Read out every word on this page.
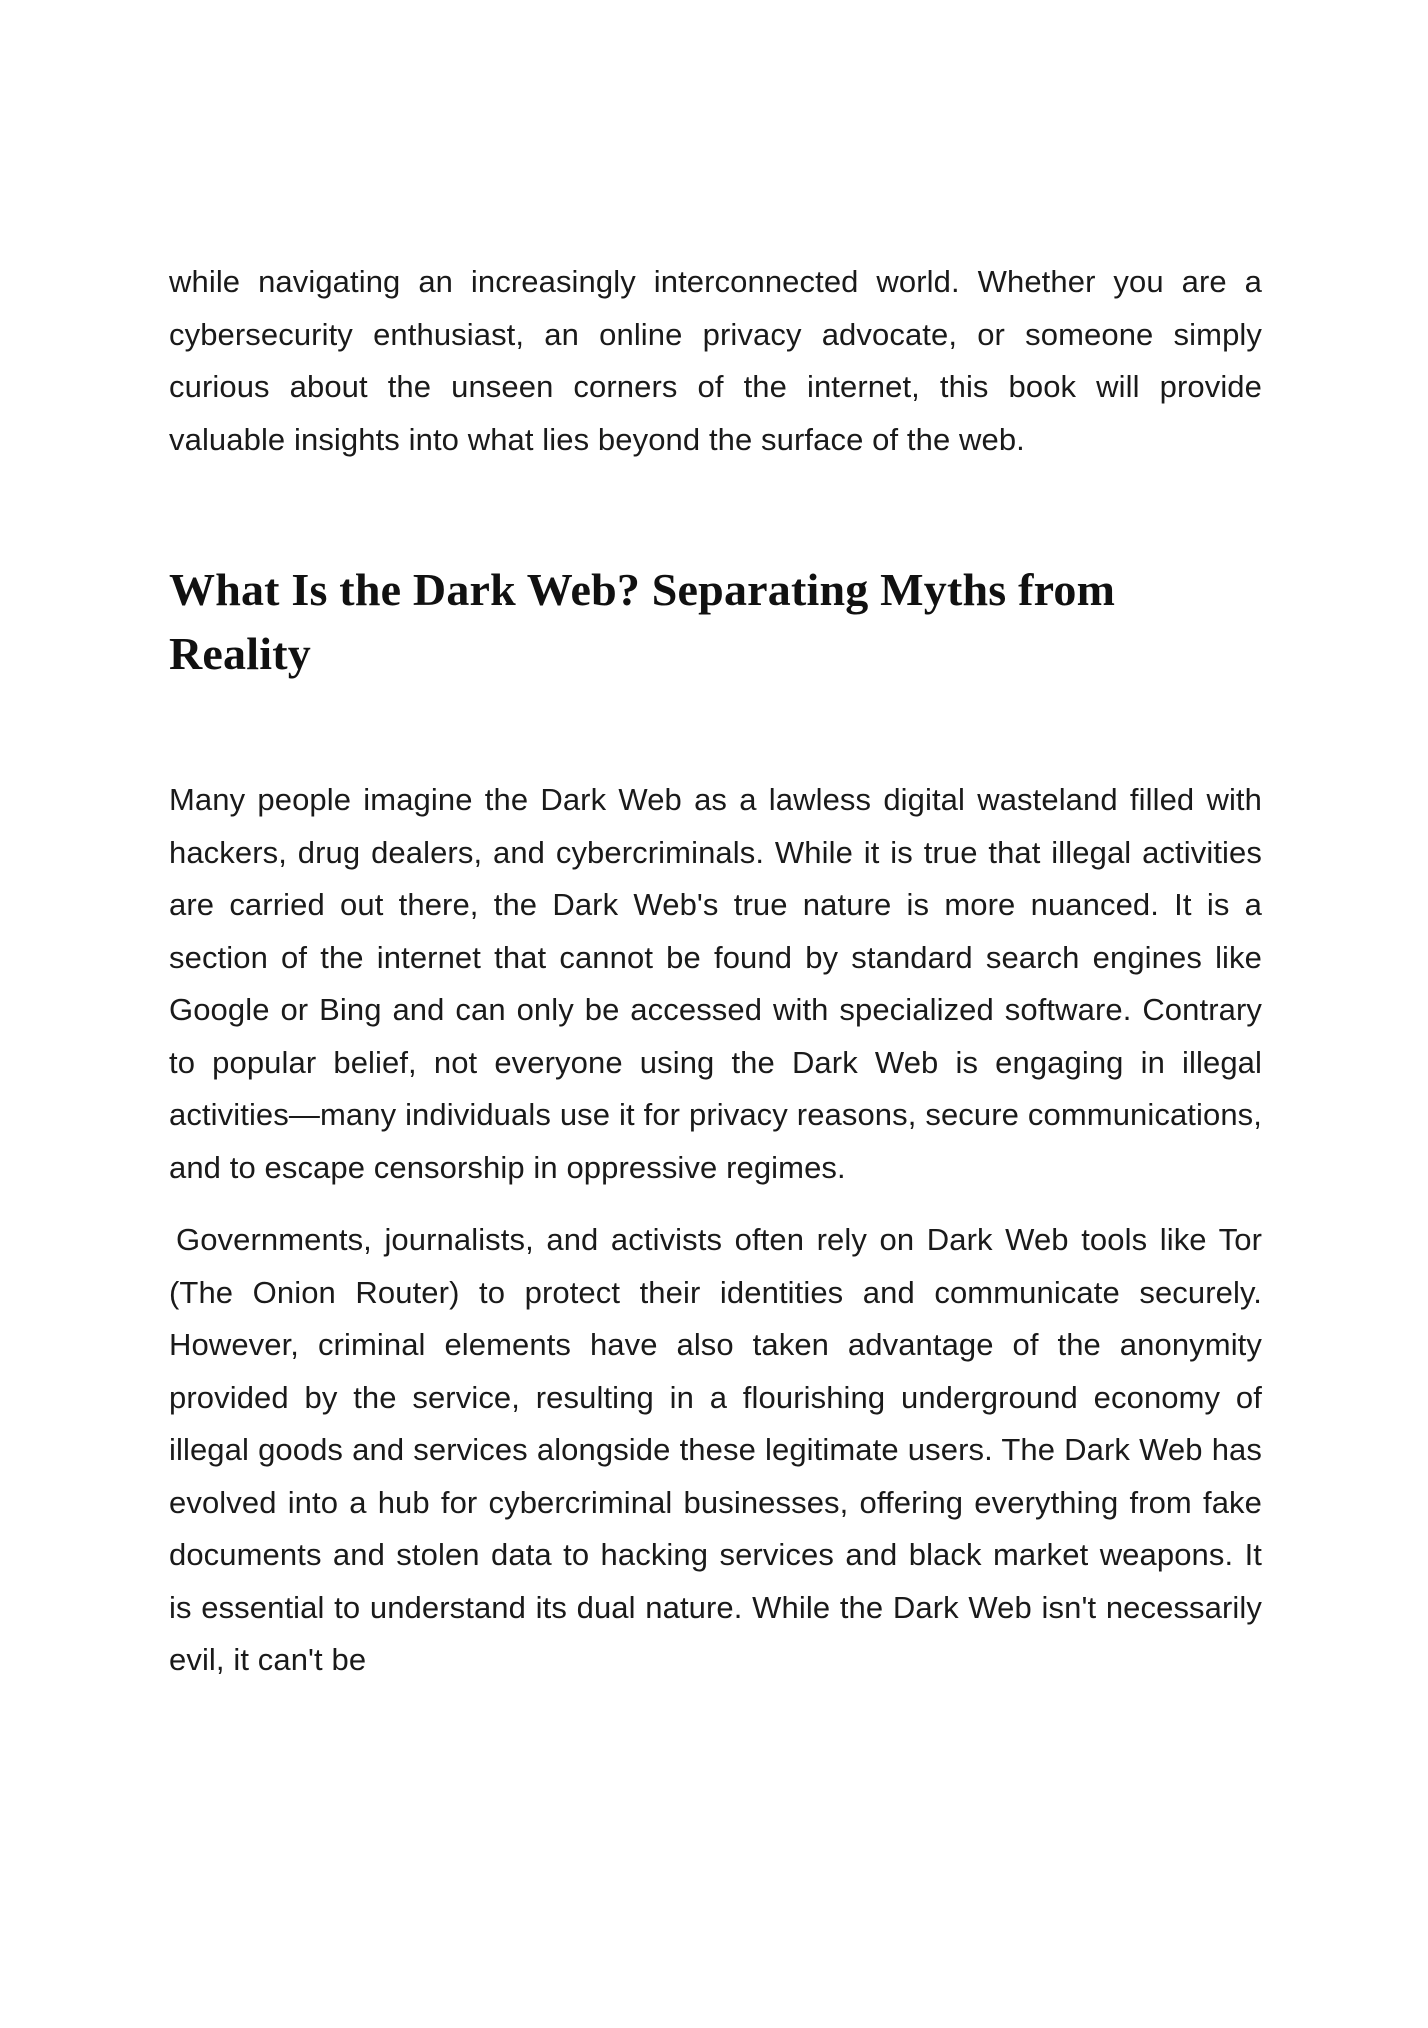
while navigating an increasingly interconnected world. Whether you are a cybersecurity enthusiast, an online privacy advocate, or someone simply curious about the unseen corners of the internet, this book will provide valuable insights into what lies beyond the surface of the web.

What Is the Dark Web? Separating Myths from Reality

Many people imagine the Dark Web as a lawless digital wasteland filled with hackers, drug dealers, and cybercriminals. While it is true that illegal activities are carried out there, the Dark Web's true nature is more nuanced. It is a section of the internet that cannot be found by standard search engines like Google or Bing and can only be accessed with specialized software. Contrary to popular belief, not everyone using the Dark Web is engaging in illegal activities—many individuals use it for privacy reasons, secure communications, and to escape censorship in oppressive regimes.

Governments, journalists, and activists often rely on Dark Web tools like Tor (The Onion Router) to protect their identities and communicate securely. However, criminal elements have also taken advantage of the anonymity provided by the service, resulting in a flourishing underground economy of illegal goods and services alongside these legitimate users. The Dark Web has evolved into a hub for cybercriminal businesses, offering everything from fake documents and stolen data to hacking services and black market weapons. It is essential to understand its dual nature. While the Dark Web isn't necessarily evil, it can't be
